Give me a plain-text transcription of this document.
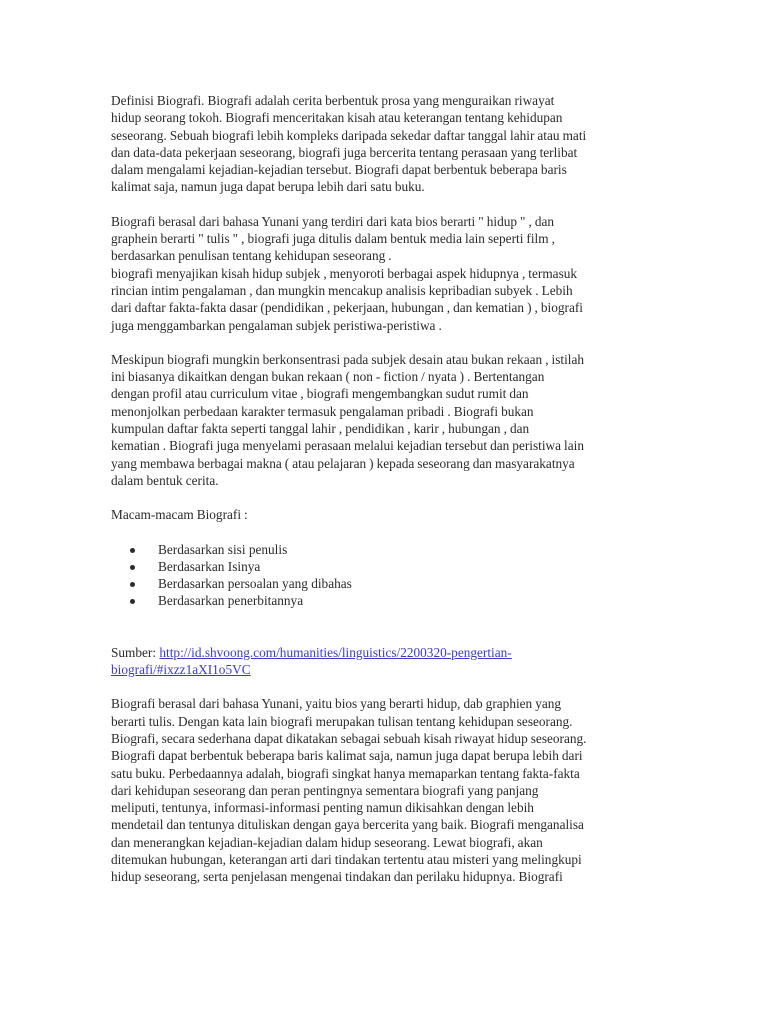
Definisi Biografi. Biografi adalah cerita berbentuk prosa yang menguraikan riwayat
hidup seorang tokoh. Biografi menceritakan kisah atau keterangan tentang kehidupan
seseorang. Sebuah biografi lebih kompleks daripada sekedar daftar tanggal lahir atau mati
dan data-data pekerjaan seseorang, biografi juga bercerita tentang perasaan yang terlibat
dalam mengalami kejadian-kejadian tersebut. Biografi dapat berbentuk beberapa baris
kalimat saja, namun juga dapat berupa lebih dari satu buku.

Biografi berasal dari bahasa Yunani yang terdiri dari kata bios berarti " hidup " , dan
graphein berarti " tulis " , biografi juga ditulis dalam bentuk media lain seperti film ,
berdasarkan penulisan tentang kehidupan seseorang .
biografi menyajikan kisah hidup subjek , menyoroti berbagai aspek hidupnya , termasuk
rincian intim pengalaman , dan mungkin mencakup analisis kepribadian subyek . Lebih
dari daftar fakta-fakta dasar (pendidikan , pekerjaan, hubungan , dan kematian ) , biografi
juga menggambarkan pengalaman subjek peristiwa-peristiwa .

Meskipun biografi mungkin berkonsentrasi pada subjek desain atau bukan rekaan , istilah
ini biasanya dikaitkan dengan bukan rekaan ( non - fiction / nyata ) . Bertentangan
dengan profil atau curriculum vitae , biografi mengembangkan sudut rumit dan
menonjolkan perbedaan karakter termasuk pengalaman pribadi . Biografi bukan
kumpulan daftar fakta seperti tanggal lahir , pendidikan , karir , hubungan , dan
kematian . Biografi juga menyelami perasaan melalui kejadian tersebut dan peristiwa lain
yang membawa berbagai makna ( atau pelajaran ) kepada seseorang dan masyarakatnya
dalam bentuk cerita.

Macam-macam Biografi :

Berdasarkan sisi penulis
Berdasarkan Isinya
Berdasarkan persoalan yang dibahas
Berdasarkan penerbitannya

Sumber: http://id.shvoong.com/humanities/linguistics/2200320-pengertian-
biografi/#ixzz1aXI1o5VC

Biografi berasal dari bahasa Yunani, yaitu bios yang berarti hidup, dab graphien yang
berarti tulis. Dengan kata lain biografi merupakan tulisan tentang kehidupan seseorang.
Biografi, secara sederhana dapat dikatakan sebagai sebuah kisah riwayat hidup seseorang.
Biografi dapat berbentuk beberapa baris kalimat saja, namun juga dapat berupa lebih dari
satu buku. Perbedaannya adalah, biografi singkat hanya memaparkan tentang fakta-fakta
dari kehidupan seseorang dan peran pentingnya sementara biografi yang panjang
meliputi, tentunya, informasi-informasi penting namun dikisahkan dengan lebih
mendetail dan tentunya dituliskan dengan gaya bercerita yang baik. Biografi menganalisa
dan menerangkan kejadian-kejadian dalam hidup seseorang. Lewat biografi, akan
ditemukan hubungan, keterangan arti dari tindakan tertentu atau misteri yang melingkupi
hidup seseorang, serta penjelasan mengenai tindakan dan perilaku hidupnya. Biografi
